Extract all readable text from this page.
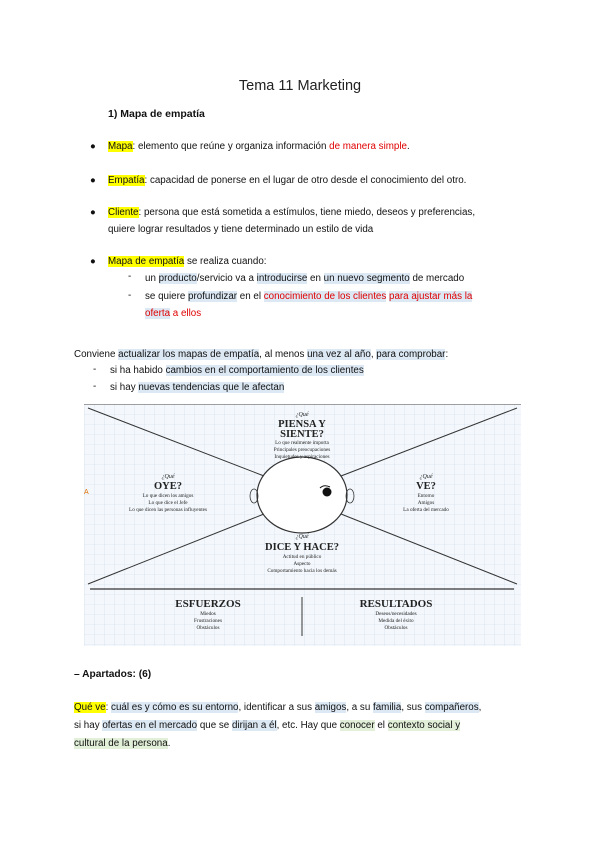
Tema 11 Marketing
1) Mapa de empatía
●	Mapa: elemento que reúne y organiza información de manera simple.
●	Empatía: capacidad de ponerse en el lugar de otro desde el conocimiento del otro.
●	Cliente: persona que está sometida a estímulos, tiene miedo, deseos y preferencias,
quiere lograr resultados y tiene determinado un estilo de vida
●	Mapa de empatía se realiza cuando:
- un producto/servicio va a introducirse en un nuevo segmento de mercado
- se quiere profundizar en el conocimiento de los clientes para ajustar más la
oferta a ellos
Conviene actualizar los mapas de empatía, al menos una vez al año, para comprobar:
- si ha habido cambios en el comportamiento de los clientes
- si hay nuevas tendencias que le afectan
A
¿Qué
PIENSA Y
SIENTE?
Lo que realmente importa
Principales preocupaciones
Inquietudes y aspiraciones
¿Qué
OYE?
Lo que dicen los amigos
Lo que dice el Jefe
Lo que dicen las personas influyentes
¿Qué
VE?
Entorno
Amigos
La oferta del mercado
¿Qué
DICE Y HACE?
Actitud en público
Aspecto
Comportamiento hacia los demás
ESFUERZOS
Miedos
Frustraciones
Obstáculos
RESULTADOS
Deseos/necesidades
Medida del éxito
Obstáculos
– Apartados: (6)
Qué ve: cuál es y cómo es su entorno, identificar a sus amigos, a su familia, sus compañeros,
si hay ofertas en el mercado que se dirijan a él, etc. Hay que conocer el contexto social y
cultural de la persona.
